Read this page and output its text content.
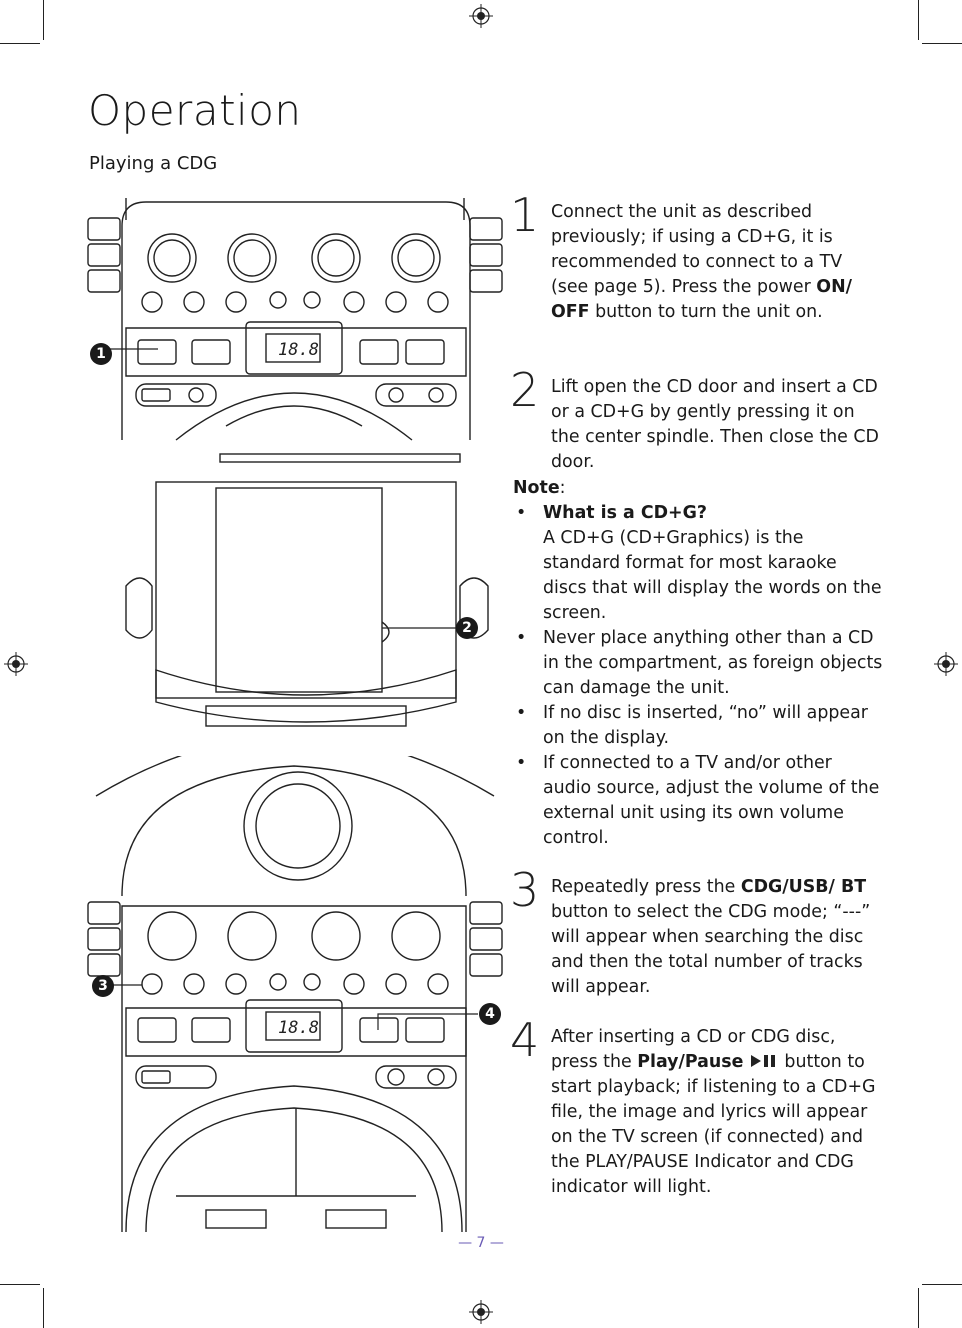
Operation
Playing a CDG
18.8
1
2
18.8
3
4
1 Connect the unit as described previously; if using a CD+G, it is recommended to connect to a TV (see page 5). Press the power ON/ OFF button to turn the unit on.
2 Lift open the CD door and insert a CD or a CD+G by gently pressing it on the center spindle. Then close the CD door.
Note:
• What is a CD+G?
A CD+G (CD+Graphics) is the standard format for most karaoke discs that will display the words on the screen.
• Never place anything other than a CD in the compartment, as foreign objects can damage the unit.
• If no disc is inserted, “no” will appear on the display.
• If connected to a TV and/or other audio source, adjust the volume of the external unit using its own volume control.
3 Repeatedly press the CDG/USB/ BT button to select the CDG mode; “---” will appear when searching the disc and then the total number of tracks will appear.
4 After inserting a CD or CDG disc, press the Play/Pause  button to start playback; if listening to a CD+G file, the image and lyrics will appear on the TV screen (if connected) and the PLAY/PAUSE Indicator and CDG indicator will light.
— 7 —
